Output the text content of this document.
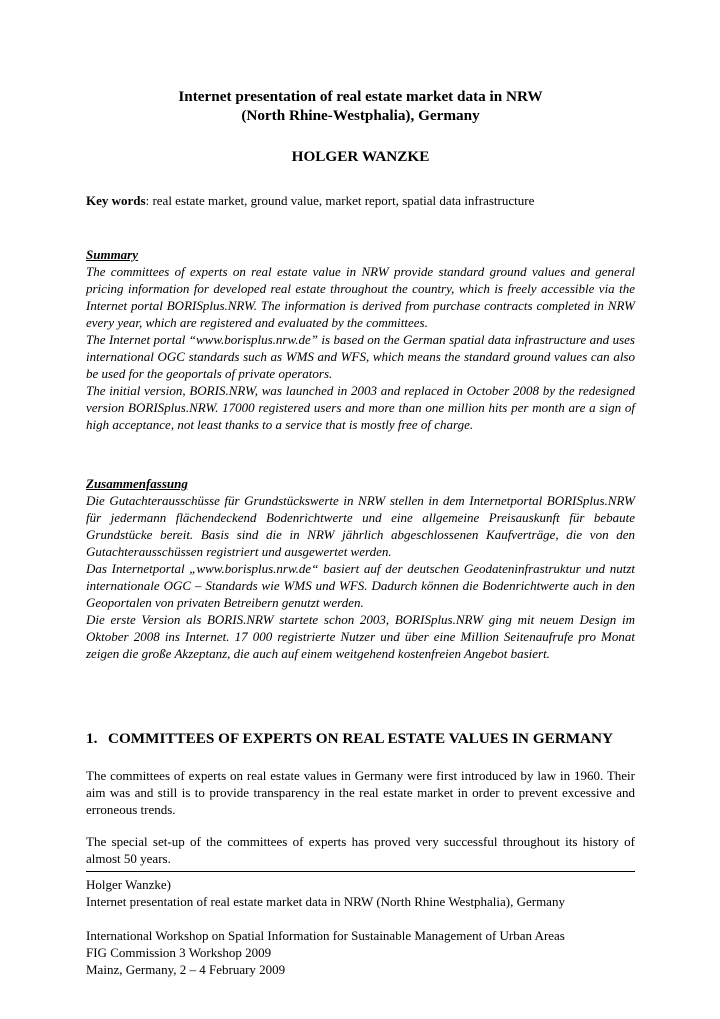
Internet presentation of real estate market data in NRW
(North Rhine-Westphalia), Germany
HOLGER WANZKE
Key words: real estate market, ground value, market report, spatial data infrastructure
Summary

The committees of experts on real estate value in NRW provide standard ground values and general pricing information for developed real estate throughout the country, which is freely accessible via the Internet portal BORISplus.NRW. The information is derived from purchase contracts completed in NRW every year, which are registered and evaluated by the committees.

The Internet portal “www.borisplus.nrw.de” is based on the German spatial data infrastructure and uses international OGC standards such as WMS and WFS, which means the standard ground values can also be used for the geoportals of private operators.

The initial version, BORIS.NRW, was launched in 2003 and replaced in October 2008 by the redesigned version BORISplus.NRW. 17000 registered users and more than one million hits per month are a sign of high acceptance, not least thanks to a service that is mostly free of charge.

Zusammenfassung

Die Gutachterausschüsse für Grundstückswerte in NRW stellen in dem Internetportal BORISplus.NRW für jedermann flächendeckend Bodenrichtwerte und eine allgemeine Preisauskunft für bebaute Grundstücke bereit. Basis sind die in NRW jährlich abgeschlossenen Kaufverträge, die von den Gutachterausschüssen registriert und ausgewertet werden.

Das Internetportal „www.borisplus.nrw.de“ basiert auf der deutschen Geodateninfrastruktur und nutzt internationale OGC – Standards wie WMS und WFS. Dadurch können die Bodenrichtwerte auch in den Geoportalen von privaten Betreibern genutzt werden.

Die erste Version als BORIS.NRW startete schon 2003, BORISplus.NRW ging mit neuem Design im Oktober 2008 ins Internet. 17 000 registrierte Nutzer und über eine Million Seitenaufrufe pro Monat zeigen die große Akzeptanz, die auch auf einem weitgehend kostenfreien Angebot basiert.

1. COMMITTEES OF EXPERTS ON REAL ESTATE VALUES IN GERMANY

The committees of experts on real estate values in Germany were first introduced by law in 1960. Their aim was and still is to provide transparency in the real estate market in order to prevent excessive and erroneous trends.

The special set-up of the committees of experts has proved very successful throughout its history of almost 50 years.

Holger Wanzke)
Internet presentation of real estate market data in NRW (North Rhine Westphalia), Germany
International Workshop on Spatial Information for Sustainable Management of Urban Areas
FIG Commission 3 Workshop 2009
Mainz, Germany, 2 – 4 February 2009
